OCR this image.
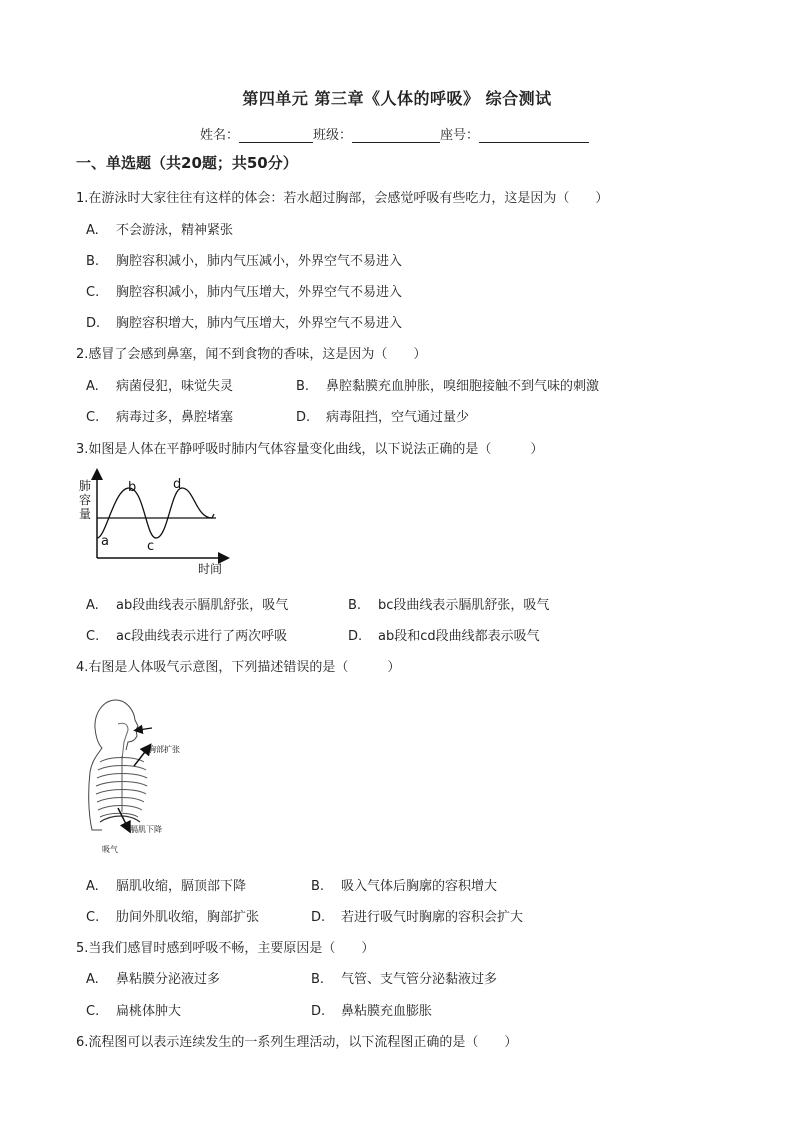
第四单元 第三章《人体的呼吸》 综合测试
姓名：	班级：	座号：
一、单选题（共20题；共50分）
1.在游泳时大家往往有这样的体会：若水超过胸部，会感觉呼吸有些吃力，这是因为（　　）
A. 不会游泳，精神紧张
B. 胸腔容积减小，肺内气压减小，外界空气不易进入
C. 胸腔容积减小，肺内气压增大，外界空气不易进入
D. 胸腔容积增大，肺内气压增大，外界空气不易进入
2.感冒了会感到鼻塞，闻不到食物的香味，这是因为（　　）
A. 病菌侵犯，味觉失灵	B. 鼻腔黏膜充血肿胀，嗅细胞接触不到气味的刺激
C. 病毒过多，鼻腔堵塞	D. 病毒阻挡，空气通过量少
3.如图是人体在平静呼吸时肺内气体容量变化曲线，以下说法正确的是（　　　）
肺
容
量
a
b
c
d
时间
A. ab段曲线表示膈肌舒张，吸气	B. bc段曲线表示膈肌舒张，吸气
C. ac段曲线表示进行了两次呼吸	D. ab段和cd段曲线都表示吸气
4.右图是人体吸气示意图，下列描述错误的是（　　　）
胸部扩张
膈肌下降
吸气
A. 膈肌收缩，膈顶部下降	B. 吸入气体后胸廓的容积增大
C. 肋间外肌收缩，胸部扩张	D. 若进行吸气时胸廓的容积会扩大
5.当我们感冒时感到呼吸不畅，主要原因是（　　）
A. 鼻粘膜分泌液过多	B. 气管、支气管分泌黏液过多
C. 扁桃体肿大	D. 鼻粘膜充血膨胀
6.流程图可以表示连续发生的一系列生理活动，以下流程图正确的是（　　）
